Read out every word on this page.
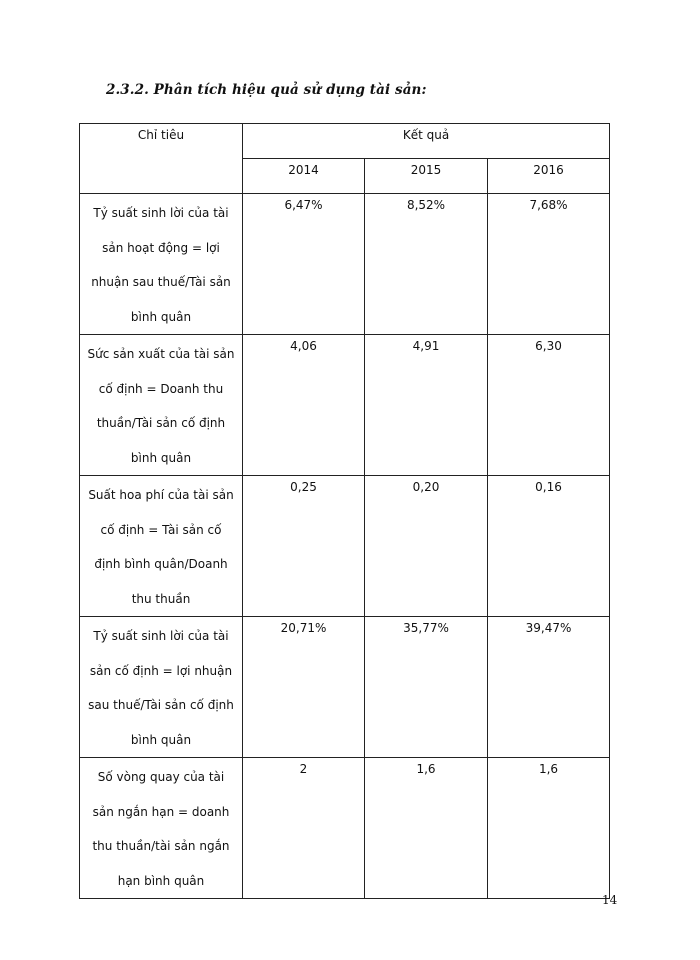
2.3.2. Phân tích hiệu quả sử dụng tài sản:
Chỉ tiêu	Kết quả		

	2014	2015	2016

Tỷ suất sinh lời của tài sản hoạt động = lợi nhuận sau thuế/Tài sản bình quân	6,47%	8,52%	7,68%

Sức sản xuất của tài sản cố định = Doanh thu thuần/Tài sản cố định bình quân	4,06	4,91	6,30

Suất hoa phí của tài sản cố định = Tài sản cố định bình quân/Doanh thu thuần	0,25	0,20	0,16

Tỷ suất sinh lời của tài sản cố định = lợi nhuận sau thuế/Tài sản cố định bình quân	20,71%	35,77%	39,47%

Số vòng quay của tài sản ngắn hạn = doanh thu thuần/tài sản ngắn hạn bình quân	2	1,6	1,6
14
